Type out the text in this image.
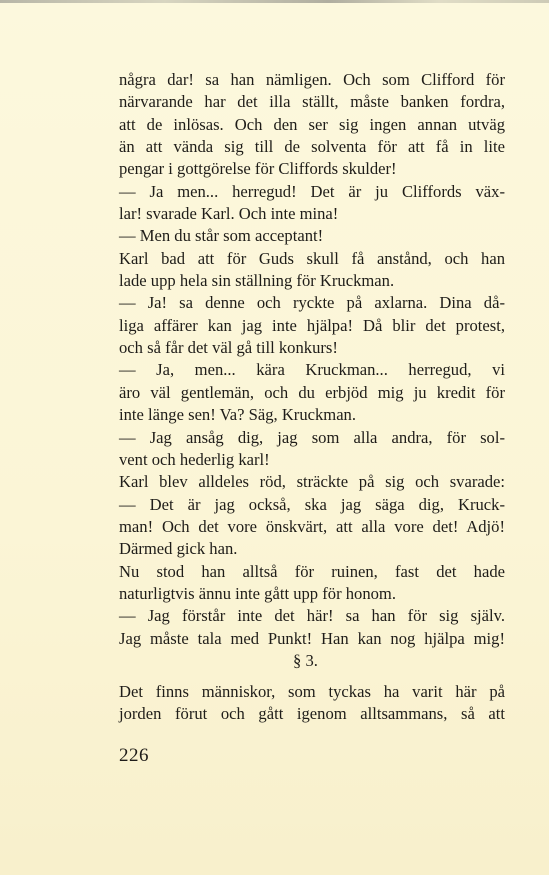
några dar! sa han nämligen. Och som Clifford för
närvarande har det illa ställt, måste banken fordra,
att de inlösas. Och den ser sig ingen annan utväg
än att vända sig till de solventa för att få in lite
pengar i gottgörelse för Cliffords skulder!
— Ja men... herregud! Det är ju Cliffords väx-
lar! svarade Karl. Och inte mina!
— Men du står som acceptant!
Karl bad att för Guds skull få anstånd, och han
lade upp hela sin ställning för Kruckman.
— Ja! sa denne och ryckte på axlarna. Dina då-
liga affärer kan jag inte hjälpa! Då blir det protest,
och så får det väl gå till konkurs!
— Ja, men... kära Kruckman... herregud, vi
äro väl gentlemän, och du erbjöd mig ju kredit för
inte länge sen! Va? Säg, Kruckman.
— Jag ansåg dig, jag som alla andra, för sol-
vent och hederlig karl!
Karl blev alldeles röd, sträckte på sig och svarade:
— Det är jag också, ska jag säga dig, Kruck-
man! Och det vore önskvärt, att alla vore det! Adjö!
Därmed gick han.
Nu stod han alltså för ruinen, fast det hade
naturligtvis ännu inte gått upp för honom.
— Jag förstår inte det här! sa han för sig själv.
Jag måste tala med Punkt! Han kan nog hjälpa mig!
§ 3.
Det finns människor, som tyckas ha varit här på
jorden förut och gått igenom alltsammans, så att
226
